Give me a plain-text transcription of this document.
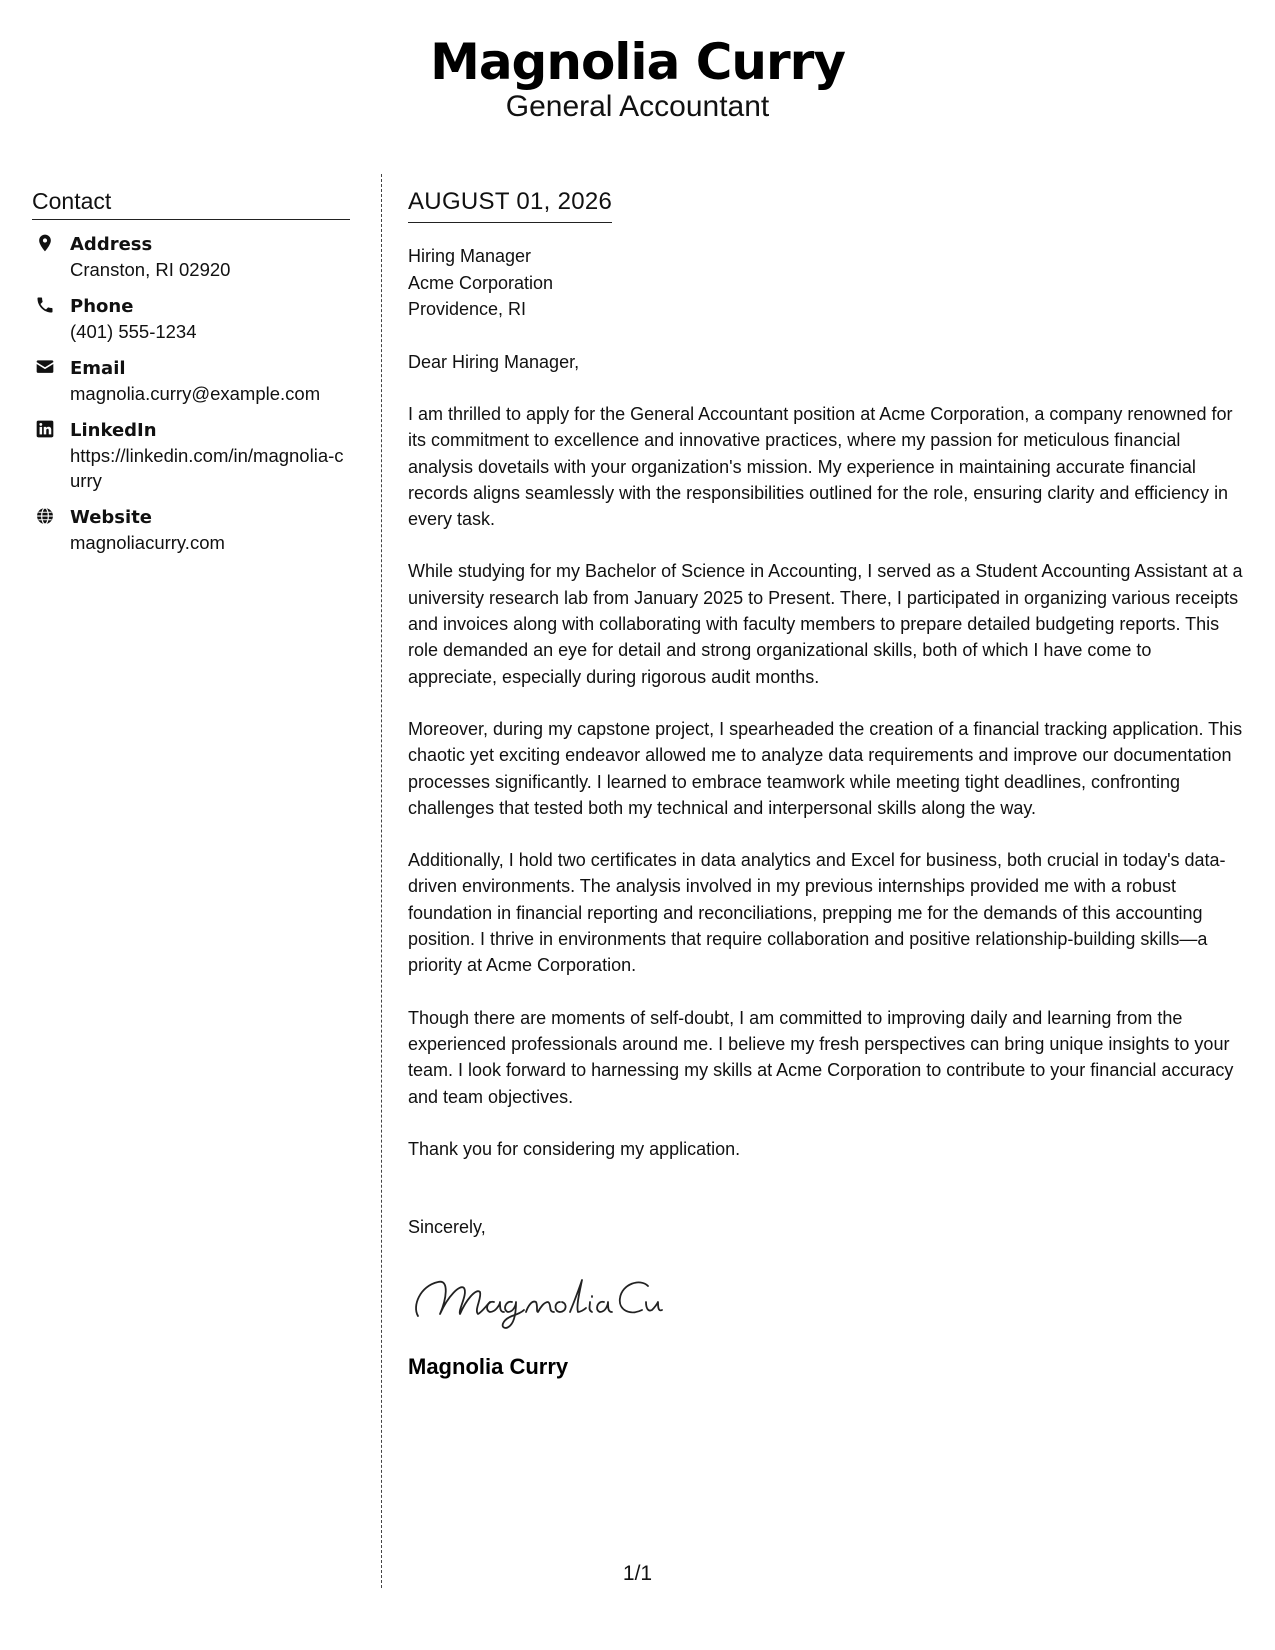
Magnolia Curry
General Accountant
Contact
Address
Cranston, RI 02920
Phone
(401) 555-1234
Email
magnolia.curry@example.com
LinkedIn
https://linkedin.com/in/magnolia-curry
Website
magnoliacurry.com
AUGUST 01, 2026
Hiring Manager
Acme Corporation
Providence, RI
Dear Hiring Manager,

I am thrilled to apply for the General Accountant position at Acme Corporation, a company renowned for its commitment to excellence and innovative practices, where my passion for meticulous financial analysis dovetails with your organization's mission. My experience in maintaining accurate financial records aligns seamlessly with the responsibilities outlined for the role, ensuring clarity and efficiency in every task.

While studying for my Bachelor of Science in Accounting, I served as a Student Accounting Assistant at a university research lab from January 2025 to Present. There, I participated in organizing various receipts and invoices along with collaborating with faculty members to prepare detailed budgeting reports. This role demanded an eye for detail and strong organizational skills, both of which I have come to appreciate, especially during rigorous audit months.

Moreover, during my capstone project, I spearheaded the creation of a financial tracking application. This chaotic yet exciting endeavor allowed me to analyze data requirements and improve our documentation processes significantly. I learned to embrace teamwork while meeting tight deadlines, confronting challenges that tested both my technical and interpersonal skills along the way.

Additionally, I hold two certificates in data analytics and Excel for business, both crucial in today's data-driven environments. The analysis involved in my previous internships provided me with a robust foundation in financial reporting and reconciliations, prepping me for the demands of this accounting position. I thrive in environments that require collaboration and positive relationship-building skills—a priority at Acme Corporation.

Though there are moments of self-doubt, I am committed to improving daily and learning from the experienced professionals around me. I believe my fresh perspectives can bring unique insights to your team. I look forward to harnessing my skills at Acme Corporation to contribute to your financial accuracy and team objectives.

Thank you for considering my application.

Sincerely,
Magnolia Curry
1/1
